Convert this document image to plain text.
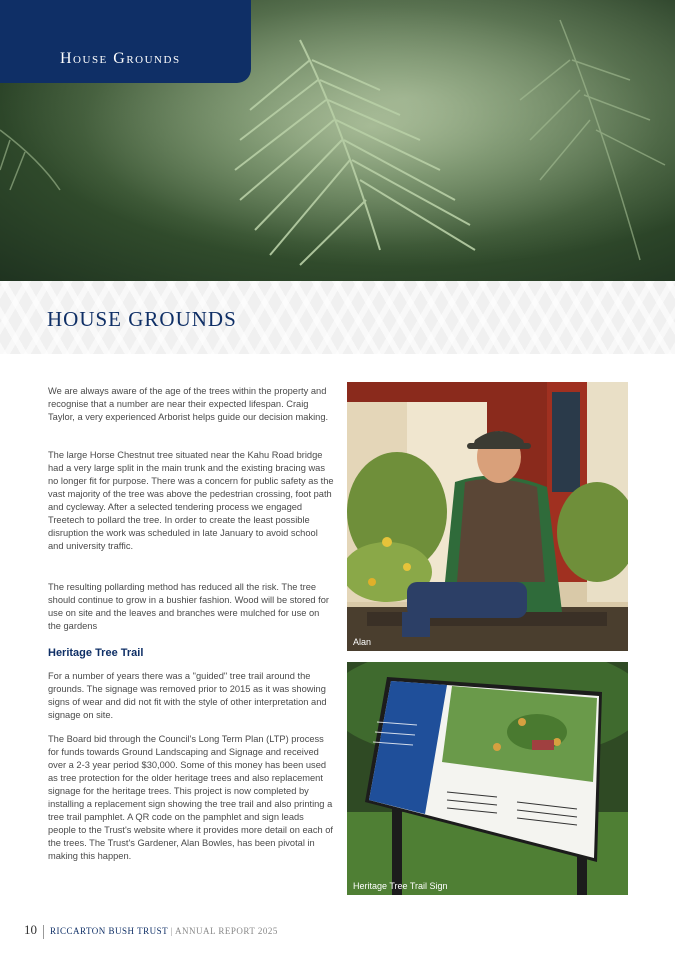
House Grounds
HOUSE GROUNDS

We are always aware of the age of the trees within the property and recognise that a number are near their expected lifespan. Craig Taylor, a very experienced Arborist helps guide our decision making.

The large Horse Chestnut tree situated near the Kahu Road bridge had a very large split in the main trunk and the existing bracing was no longer fit for purpose. There was a concern for public safety as the vast majority of the tree was above the pedestrian crossing, foot path and cycleway. After a selected tendering process we engaged Treetech to pollard the tree. In order to create the least possible disruption the work was scheduled in late January to avoid school and university traffic.

The resulting pollarding method has reduced all the risk. The tree should continue to grow in a bushier fashion. Wood will be stored for use on site and the leaves and branches were mulched for use on the gardens

Heritage Tree Trail

For a number of years there was a "guided" tree trail around the grounds. The signage was removed prior to 2015 as it was showing signs of wear and did not fit with the style of other interpretation and signage on site.

The Board bid through the Council's Long Term Plan (LTP) process for funds towards Ground Landscaping and Signage and received over a 2-3 year period $30,000. Some of this money has been used as tree protection for the older heritage trees and also replacement signage for the heritage trees. This project is now completed by installing a replacement sign showing the tree trail and also printing a tree trail pamphlet. A QR code on the pamphlet and sign leads people to the Trust's website where it provides more detail on each of the trees. The Trust's Gardener, Alan Bowles, has been pivotal in making this happen.

Alan
Heritage Tree Trail Sign
10 RICCARTON BUSH TRUST | ANNUAL REPORT 2025
